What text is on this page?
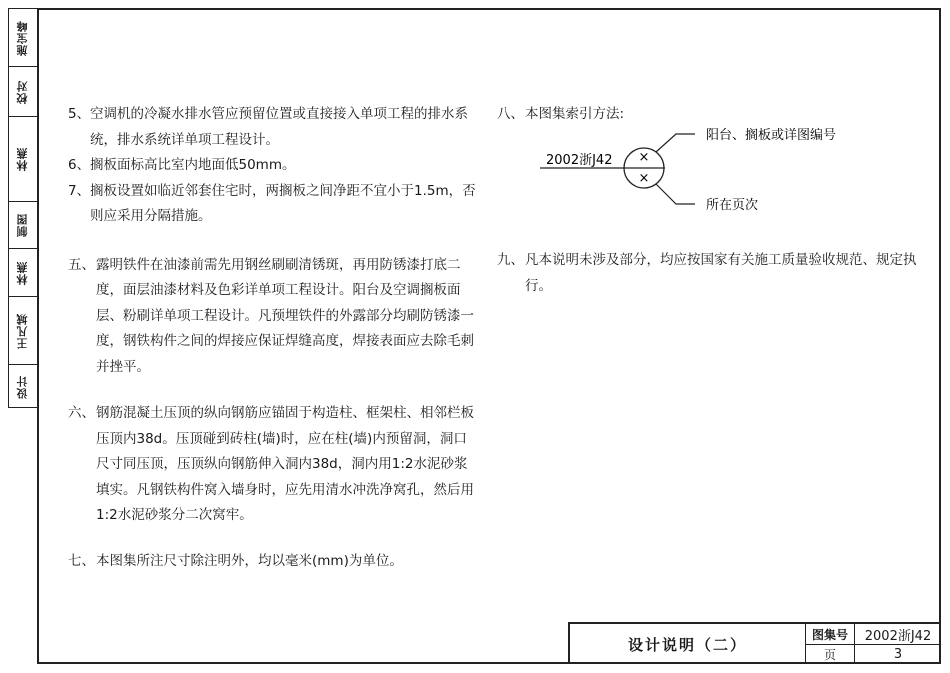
施宝峰
校对
林燕
制图
林燕
王凡城
设计

5、 空调机的冷凝水排水管应预留位置或直接接入单项工程的排水系统，排水系统详单项工程设计。

6、 搁板面标高比室内地面低50mm。

7、 搁板设置如临近邻套住宅时，两搁板之间净距不宜小于1.5m，否则应采用分隔措施。

五、 露明铁件在油漆前需先用钢丝刷刷清锈斑，再用防锈漆打底二度，面层油漆材料及色彩详单项工程设计。阳台及空调搁板面层、粉刷详单项工程设计。凡预埋铁件的外露部分均刷防锈漆一度，钢铁构件之间的焊接应保证焊缝高度，焊接表面应去除毛刺并挫平。

六、 钢筋混凝土压顶的纵向钢筋应锚固于构造柱、框架柱、相邻栏板压顶内38d。压顶碰到砖柱(墙)时，应在柱(墙)内预留洞，洞口尺寸同压顶，压顶纵向钢筋伸入洞内38d，洞内用1:2水泥砂浆填实。凡钢铁构件窝入墙身时，应先用清水冲洗净窝孔，然后用1:2水泥砂浆分二次窝牢。

七、 本图集所注尺寸除注明外，均以毫米(mm)为单位。

八、 本图集索引方法:

2002浙J42 ×
×
阳台、搁板或详图编号
所在页次

九、 凡本说明未涉及部分，均应按国家有关施工质量验收规范、规定执行。

设计说明（二）
图集号	2002浙J42
页	3
